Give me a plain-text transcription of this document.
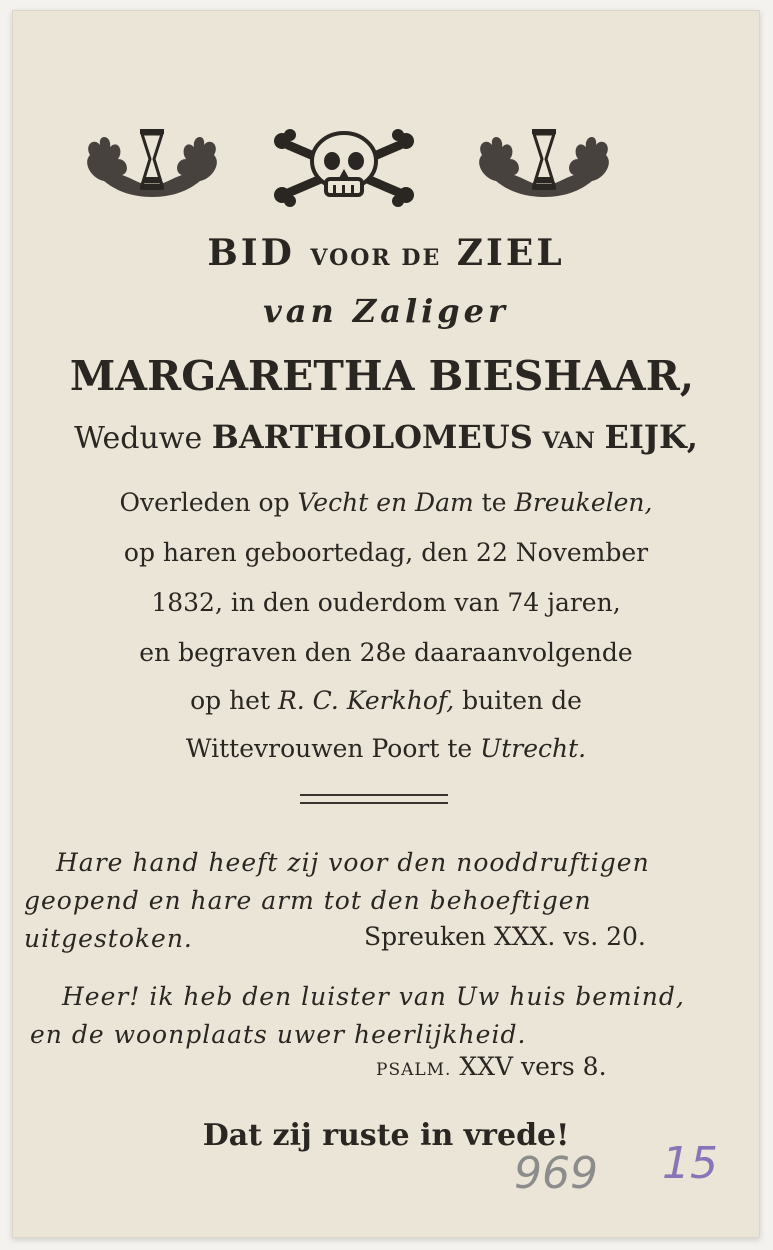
BID VOOR DE ZIEL
van Zaliger
MARGARETHA BIESHAAR,
Weduwe BARTHOLOMEUS VAN EIJK,
Overleden op Vecht en Dam te Breukelen,
op haren geboortedag, den 22 November
1832, in den ouderdom van 74 jaren,
en begraven den 28e daaraanvolgende
op het R. C. Kerkhof, buiten de
Wittevrouwen Poort te Utrecht.
Hare hand heeft zij voor den nooddruftigen
geopend en hare arm tot den behoeftigen
uitgestoken.	Spreuken XXX. vs. 20.
Heer! ik heb den luister van Uw huis bemind,
en de woonplaats uwer heerlijkheid.
PSALM. XXV vers 8.
Dat zij ruste in vrede!
969 15
